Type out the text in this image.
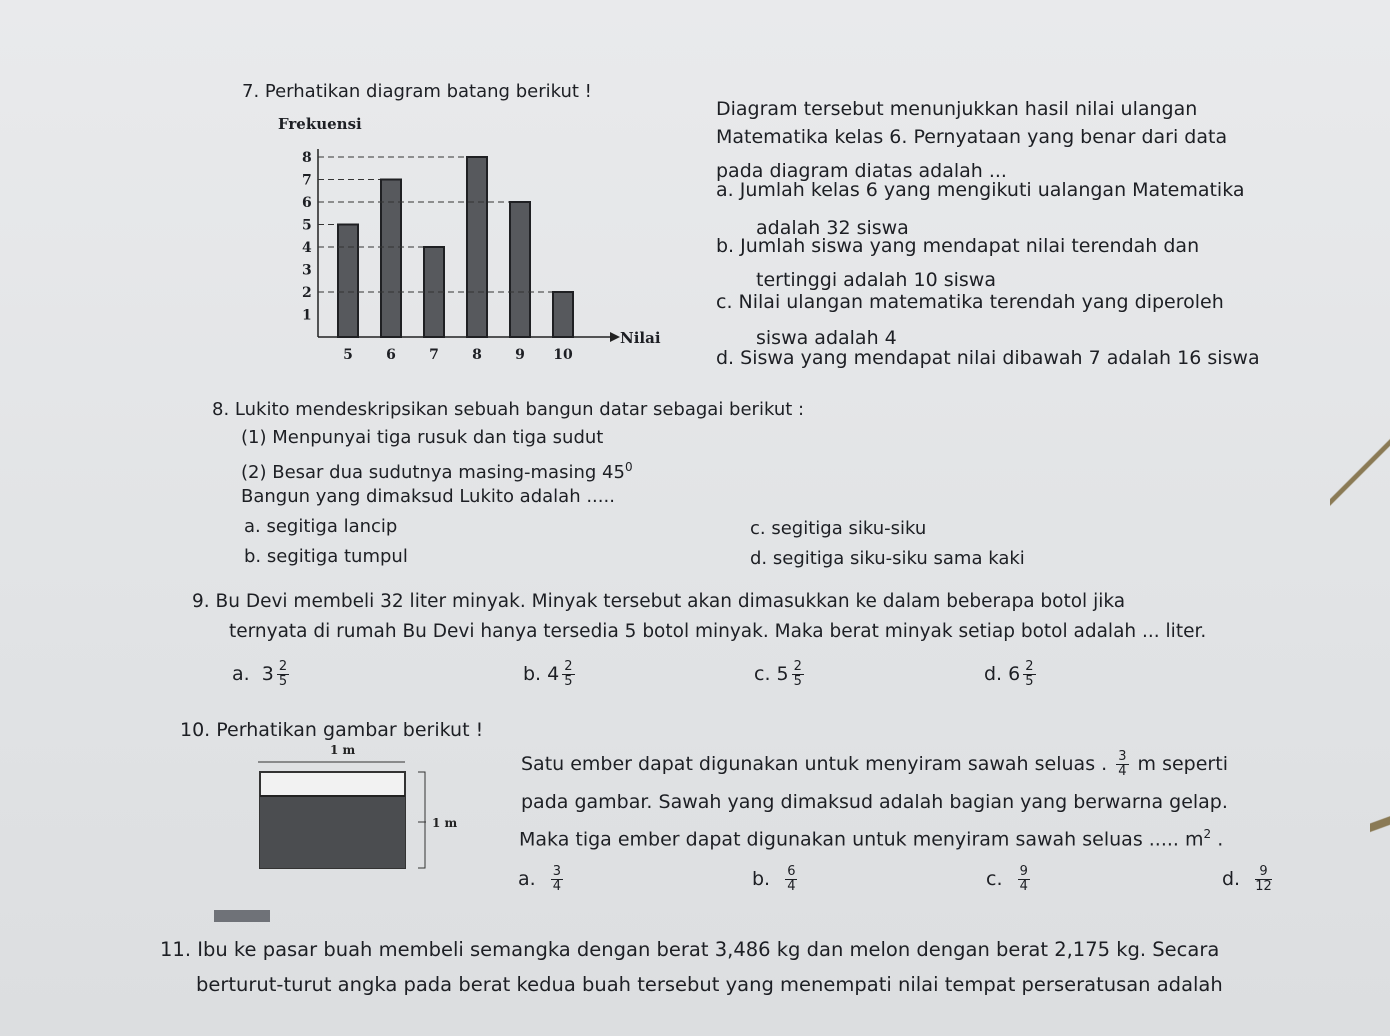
7. Perhatikan diagram batang berikut !
Frekuensi
1
2
3
4
5
6
7
8
5 6 7 8 9 10
Nilai
Diagram tersebut menunjukkan hasil nilai ulangan
Matematika kelas 6. Pernyataan yang benar dari data
pada diagram diatas adalah ...
a. Jumlah kelas 6 yang mengikuti ualangan Matematika
adalah 32 siswa
b. Jumlah siswa yang mendapat nilai terendah dan
tertinggi adalah 10 siswa
c. Nilai ulangan matematika terendah yang diperoleh
siswa adalah 4
d. Siswa yang mendapat nilai dibawah 7 adalah 16 siswa
8. Lukito mendeskripsikan sebuah bangun datar sebagai berikut :
(1) Menpunyai tiga rusuk dan tiga sudut
(2) Besar dua sudutnya masing-masing $45^0$
Bangun yang dimaksud Lukito adalah .....
a. segitiga lancip	c. segitiga siku-siku
b. segitiga tumpul	d. segitiga siku-siku sama kaki
9. Bu Devi membeli 32 liter minyak. Minyak tersebut akan dimasukkan ke dalam beberapa botol jika
ternyata di rumah Bu Devi hanya tersedia 5 botol minyak. Maka berat minyak setiap botol adalah ... liter.
a. $3 \frac{2}{5}$	b. $4 \frac{2}{5}$	c. $5 \frac{2}{5}$	d. $6 \frac{2}{5}$
10. Perhatikan gambar berikut !
1 m
1 m
Satu ember dapat digunakan untuk menyiram sawah seluas . $\frac{3}{4}$ m seperti
pada gambar. Sawah yang dimaksud adalah bagian yang berwarna gelap.
Maka tiga ember dapat digunakan untuk menyiram sawah seluas ..... $m^2$ .
a. $\frac{3}{4}$	b. $\frac{6}{4}$	c. $\frac{9}{4}$	d. $\frac{9}{12}$
11. Ibu ke pasar buah membeli semangka dengan berat 3,486 kg dan melon dengan berat 2,175 kg. Secara
berturut-turut angka pada berat kedua buah tersebut yang menempati nilai tempat perseratusan adalah
